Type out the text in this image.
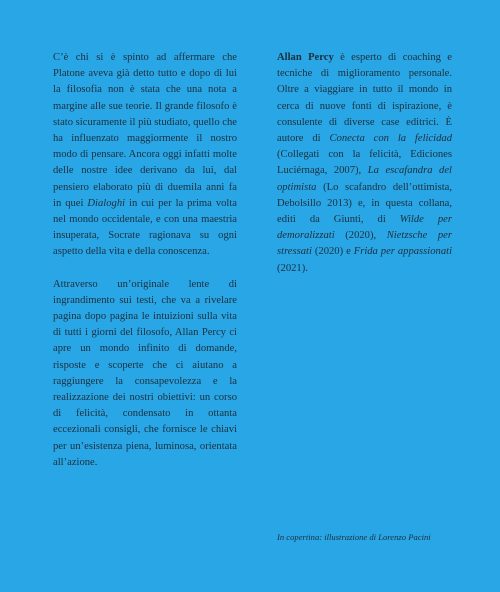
C’è chi si è spinto ad affermare che Platone aveva già detto tutto e dopo di lui la filosofia non è stata che una nota a margine alle sue teorie. Il grande filosofo è stato sicuramente il più studiato, quello che ha influenzato maggiormente il nostro modo di pensare. Ancora oggi infatti molte delle nostre idee derivano da lui, dal pensiero elaborato più di duemila anni fa in quei Dialoghi in cui per la prima volta nel mondo occidentale, e con una maestria insuperata, Socrate ragionava su ogni aspetto della vita e della conoscenza.

Attraverso un’originale lente di ingrandimento sui testi, che va a rivelare pagina dopo pagina le intuizioni sulla vita di tutti i giorni del filosofo, Allan Percy ci apre un mondo infinito di domande, risposte e scoperte che ci aiutano a raggiungere la consapevolezza e la realizzazione dei nostri obiettivi: un corso di felicità, condensato in ottanta eccezionali consigli, che fornisce le chiavi per un’esistenza piena, luminosa, orientata all’azione.

Allan Percy è esperto di coaching e tecniche di miglioramento personale. Oltre a viaggiare in tutto il mondo in cerca di nuove fonti di ispirazione, è consulente di diverse case editrici. È autore di Conecta con la felicidad (Collegati con la felicità, Ediciones Luciérnaga, 2007), La escafandra del optimista (Lo scafandro dell’ottimista, Debolsillo 2013) e, in questa collana, editi da Giunti, di Wilde per demoralizzati (2020), Nietzsche per stressati (2020) e Frida per appassionati (2021).

In copertina: illustrazione di Lorenzo Pacini
